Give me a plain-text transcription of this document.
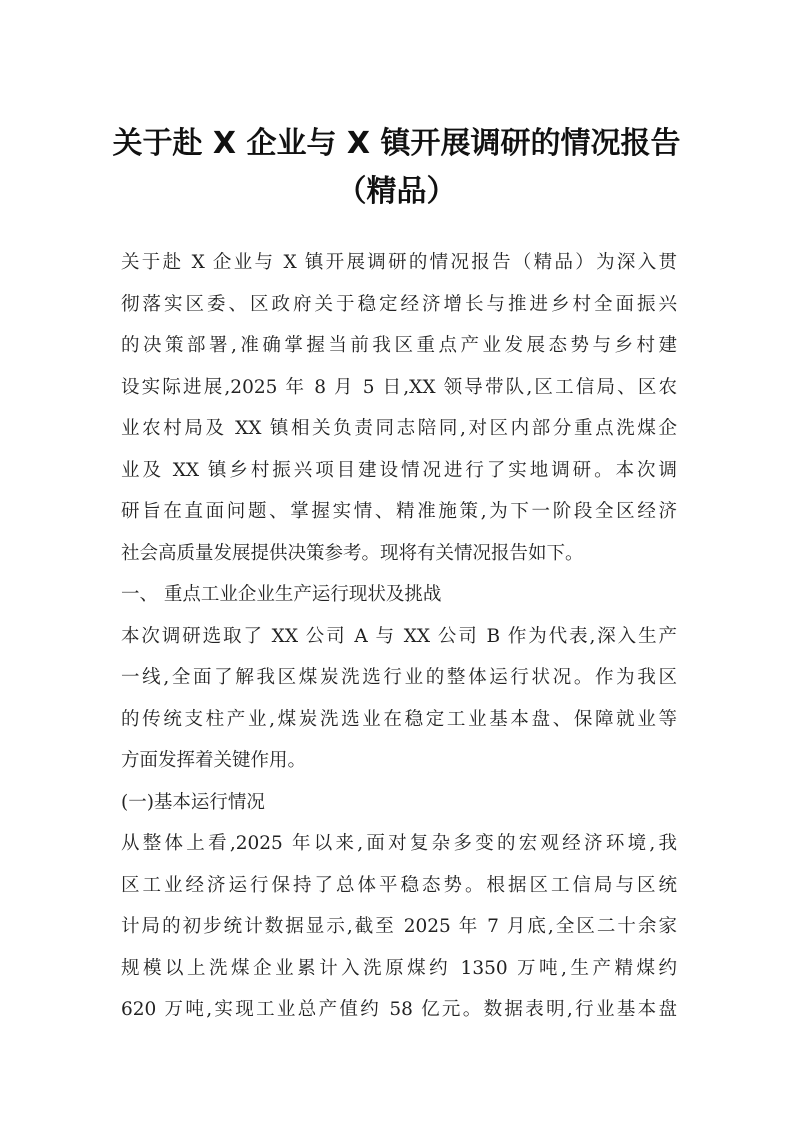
关于赴 X 企业与 X 镇开展调研的情况报告
（精品）
关于赴 X 企业与 X 镇开展调研的情况报告（精品）为深入贯
彻落实区委、区政府关于稳定经济增长与推进乡村全面振兴
的决策部署,准确掌握当前我区重点产业发展态势与乡村建
设实际进展,2025 年 8 月 5 日,XX 领导带队,区工信局、区农
业农村局及 XX 镇相关负责同志陪同,对区内部分重点洗煤企
业及 XX 镇乡村振兴项目建设情况进行了实地调研。本次调
研旨在直面问题、掌握实情、精准施策,为下一阶段全区经济
社会高质量发展提供决策参考。现将有关情况报告如下。
一、 重点工业企业生产运行现状及挑战
本次调研选取了 XX 公司 A 与 XX 公司 B 作为代表,深入生产
一线,全面了解我区煤炭洗选行业的整体运行状况。作为我区
的传统支柱产业,煤炭洗选业在稳定工业基本盘、保障就业等
方面发挥着关键作用。
(一)基本运行情况
从整体上看,2025 年以来,面对复杂多变的宏观经济环境,我
区工业经济运行保持了总体平稳态势。根据区工信局与区统
计局的初步统计数据显示,截至 2025 年 7 月底,全区二十余家
规模以上洗煤企业累计入洗原煤约 1350 万吨,生产精煤约
620 万吨,实现工业总产值约 58 亿元。数据表明,行业基本盘
